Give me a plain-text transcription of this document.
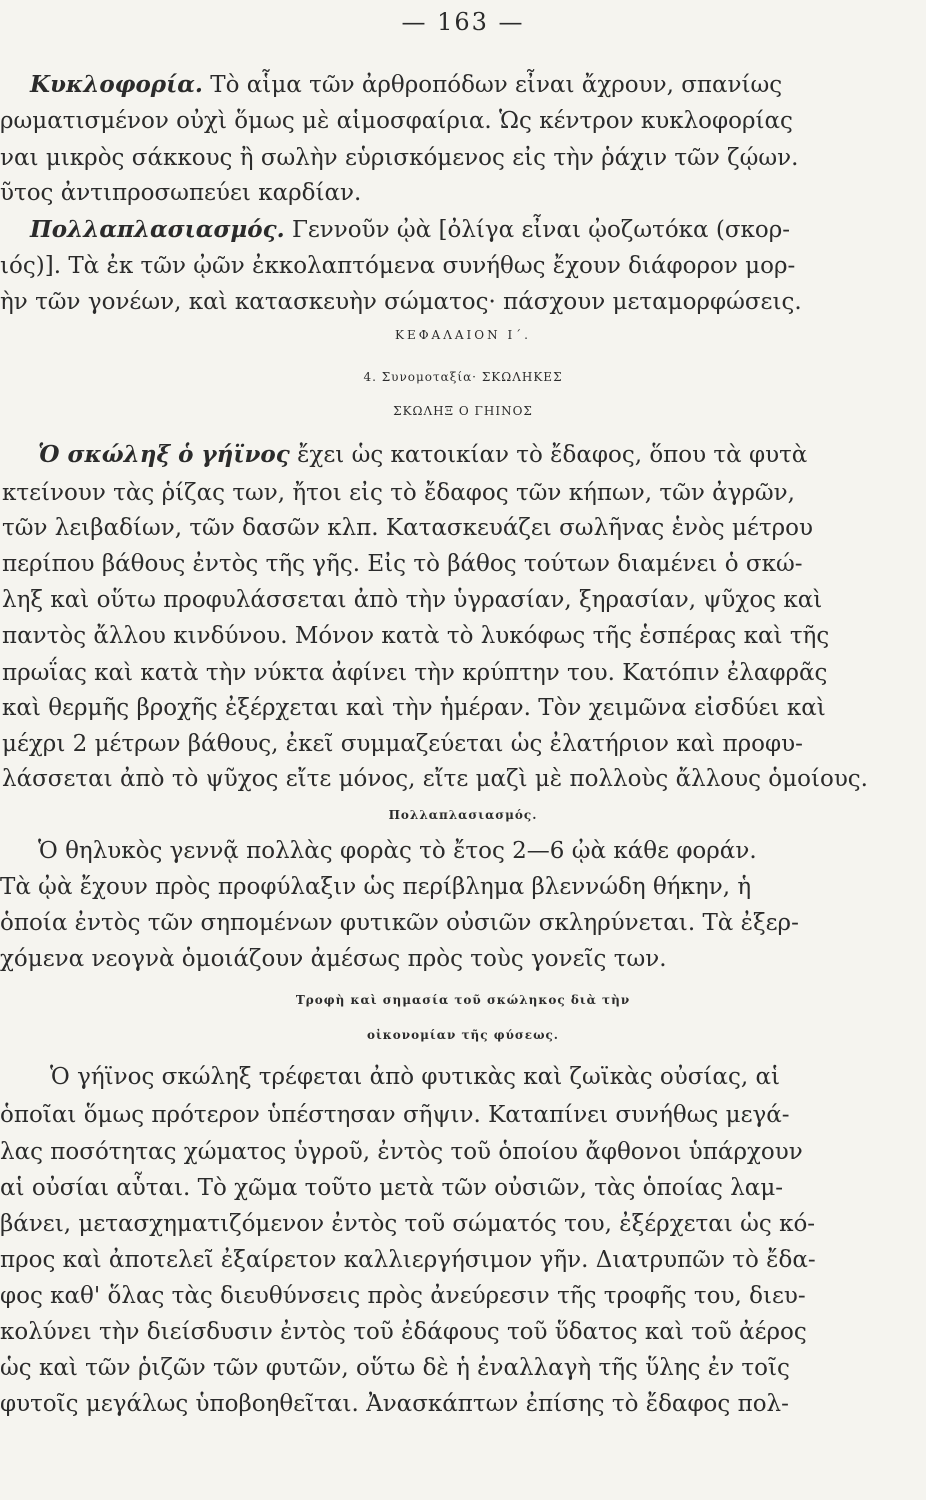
— 163 —
Κυκλοφορία. Τὸ αἷμα τῶν ἀρθροπόδων εἶναι ἄχρουν, σπανίως
ρωματισμένον οὐχὶ ὅμως μὲ αἱμοσφαίρια. Ὡς κέντρον κυκλοφορίας
ναι μικρὸς σάκκους ἢ σωλὴν εὑρισκόμενος εἰς τὴν ῥάχιν τῶν ζῴων.
ῦτος ἀντιπροσωπεύει καρδίαν.
Πολλαπλασιασμός. Γεννοῦν ᾠὰ [ὀλίγα εἶναι ᾠοζωτόκα (σκορ-
ιός)]. Τὰ ἐκ τῶν ᾠῶν ἐκκολαπτόμενα συνήθως ἔχουν διάφορον μορ-
ὴν τῶν γονέων, καὶ κατασκευὴν σώματος· πάσχουν μεταμορφώσεις.
ΚΕΦΑΛΑΙΟΝ Ι΄.
4. Συνομοταξία· ΣΚΩΛΗΚΕΣ
ΣΚΩΛΗΞ Ο ΓΗΙΝΟΣ
Ὁ σκώληξ ὁ γήϊνος ἔχει ὡς κατοικίαν τὸ ἔδαφος, ὅπου τὰ φυτὰ
κτείνουν τὰς ῥίζας των, ἤτοι εἰς τὸ ἔδαφος τῶν κήπων, τῶν ἀγρῶν,
τῶν λειβαδίων, τῶν δασῶν κλπ. Κατασκευάζει σωλῆνας ἑνὸς μέτρου
περίπου βάθους ἐντὸς τῆς γῆς. Εἰς τὸ βάθος τούτων διαμένει ὁ σκώ-
ληξ καὶ οὕτω προφυλάσσεται ἀπὸ τὴν ὑγρασίαν, ξηρασίαν, ψῦχος καὶ
παντὸς ἄλλου κινδύνου. Μόνον κατὰ τὸ λυκόφως τῆς ἑσπέρας καὶ τῆς
πρωΐας καὶ κατὰ τὴν νύκτα ἀφίνει τὴν κρύπτην του. Κατόπιν ἐλαφρᾶς
καὶ θερμῆς βροχῆς ἐξέρχεται καὶ τὴν ἡμέραν. Τὸν χειμῶνα εἰσδύει καὶ
μέχρι 2 μέτρων βάθους, ἐκεῖ συμμαζεύεται ὡς ἐλατήριον καὶ προφυ-
λάσσεται ἀπὸ τὸ ψῦχος εἴτε μόνος, εἴτε μαζὶ μὲ πολλοὺς ἄλλους ὁμοίους.
Πολλαπλασιασμός.
Ὁ θηλυκὸς γεννᾷ πολλὰς φορὰς τὸ ἔτος 2—6 ᾠὰ κάθε φοράν.
Τὰ ᾠὰ ἔχουν πρὸς προφύλαξιν ὡς περίβλημα βλεννώδη θήκην, ἡ
ὁποία ἐντὸς τῶν σηπομένων φυτικῶν οὐσιῶν σκληρύνεται. Τὰ ἐξερ-
χόμενα νεογνὰ ὁμοιάζουν ἀμέσως πρὸς τοὺς γονεῖς των.
Τροφὴ καὶ σημασία τοῦ σκώληκος διὰ τὴν
οἰκονομίαν τῆς φύσεως.
Ὁ γήϊνος σκώληξ τρέφεται ἀπὸ φυτικὰς καὶ ζωϊκὰς οὐσίας, αἱ
ὁποῖαι ὅμως πρότερον ὑπέστησαν σῆψιν. Καταπίνει συνήθως μεγά-
λας ποσότητας χώματος ὑγροῦ, ἐντὸς τοῦ ὁποίου ἄφθονοι ὑπάρχουν
αἱ οὐσίαι αὗται. Τὸ χῶμα τοῦτο μετὰ τῶν οὐσιῶν, τὰς ὁποίας λαμ-
βάνει, μετασχηματιζόμενον ἐντὸς τοῦ σώματός του, ἐξέρχεται ὡς κό-
προς καὶ ἀποτελεῖ ἐξαίρετον καλλιεργήσιμον γῆν. Διατρυπῶν τὸ ἔδα-
φος καθ' ὅλας τὰς διευθύνσεις πρὸς ἀνεύρεσιν τῆς τροφῆς του, διευ-
κολύνει τὴν διείσδυσιν ἐντὸς τοῦ ἐδάφους τοῦ ὕδατος καὶ τοῦ ἀέρος
ὡς καὶ τῶν ῥιζῶν τῶν φυτῶν, οὕτω δὲ ἡ ἐναλλαγὴ τῆς ὕλης ἐν τοῖς
φυτοῖς μεγάλως ὑποβοηθεῖται. Ἀνασκάπτων ἐπίσης τὸ ἔδαφος πολ-
